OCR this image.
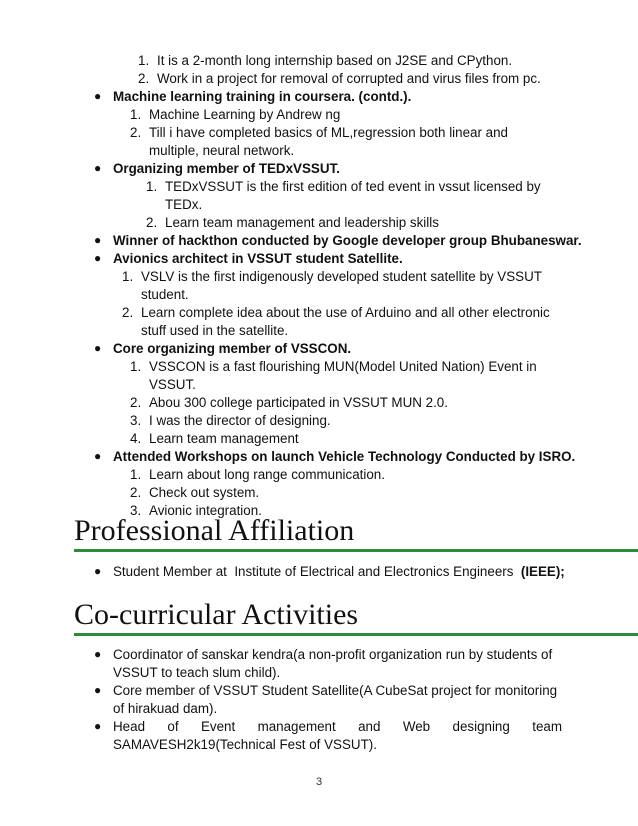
1. It is a 2-month long internship based on J2SE and CPython.
2. Work in a project for removal of corrupted and virus files from pc.
● Machine learning training in coursera. (contd.).
1. Machine Learning by Andrew ng
2. Till i have completed basics of ML,regression both linear and
multiple, neural network.
● Organizing member of TEDxVSSUT.
1. TEDxVSSUT is the first edition of ted event in vssut licensed by
TEDx.
2. Learn team management and leadership skills
● Winner of hackthon conducted by Google developer group Bhubaneswar.
● Avionics architect in VSSUT student Satellite.
1. VSLV is the first indigenously developed student satellite by VSSUT
student.
2. Learn complete idea about the use of Arduino and all other electronic
stuff used in the satellite.
● Core organizing member of VSSCON.
1. VSSCON is a fast flourishing MUN(Model United Nation) Event in
VSSUT.
2. Abou 300 college participated in VSSUT MUN 2.0.
3. I was the director of designing.
4. Learn team management
● Attended Workshops on launch Vehicle Technology Conducted by ISRO.
1. Learn about long range communication.
2. Check out system.
3. Avionic integration.
Professional Affiliation
● Student Member at  Institute of Electrical and Electronics Engineers  (IEEE);
Co-curricular Activities
● Coordinator of sanskar kendra(a non-profit organization run by students of
VSSUT to teach slum child).
● Core member of VSSUT Student Satellite(A CubeSat project for monitoring
of hirakuad dam).
● Head of Event management and Web designing team
SAMAVESH2k19(Technical Fest of VSSUT).
3
